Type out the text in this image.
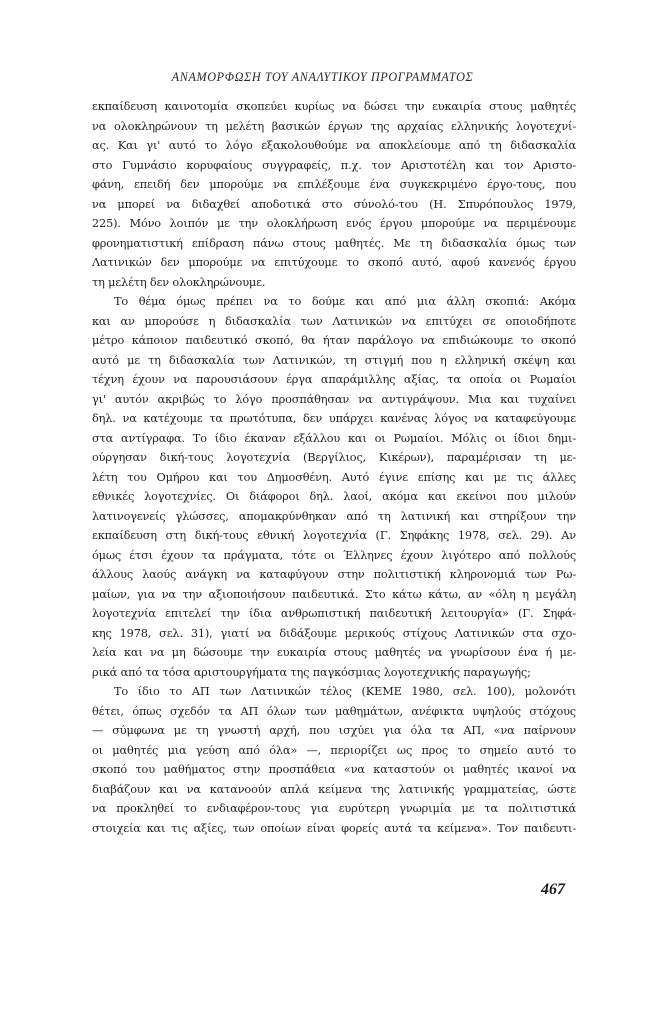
ΑΝΑΜΟΡΦΩΣΗ ΤΟΥ ΑΝΑΛΥΤΙΚΟΥ ΠΡΟΓΡΑΜΜΑΤΟΣ
εκπαίδευση καινοτομία σκοπεύει κυρίως να δώσει την ευκαιρία στους μαθητές
να ολοκληρώνουν τη μελέτη βασικών έργων της αρχαίας ελληνικής λογοτεχνί-
ας. Και γι' αυτό το λόγο εξακολουθούμε να αποκλείουμε από τη διδασκαλία
στο Γυμνάσιο κορυφαίους συγγραφείς, π.χ. τον Αριστοτέλη και τον Αριστο-
φάνη, επειδή δεν μπορούμε να επιλέξουμε ένα συγκεκριμένο έργο-τους, που
να μπορεί να διδαχθεί αποδοτικά στο σύνολό-του (Η. Σπυρόπουλος 1979,
225). Μόνο λοιπόν με την ολοκλήρωση ενός έργου μπορούμε να περιμένουμε
φρονηματιστική επίδραση πάνω στους μαθητές. Με τη διδασκαλία όμως των
Λατινικών δεν μπορούμε να επιτύχουμε το σκοπό αυτό, αφού κανενός έργου
τη μελέτη δεν ολοκληρώνουμε.
Το θέμα όμως πρέπει να το δούμε και από μια άλλη σκοπιά: Ακόμα
και αν μπορούσε η διδασκαλία των Λατινικών να επιτύχει σε οποιοδήποτε
μέτρο κάποιον παιδευτικό σκοπό, θα ήταν παράλογο να επιδιώκουμε το σκοπό
αυτό με τη διδασκαλία των Λατινικών, τη στιγμή που η ελληνική σκέψη και
τέχνη έχουν να παρουσιάσουν έργα απαράμιλλης αξίας, τα οποία οι Ρωμαίοι
γι' αυτόν ακριβώς το λόγο προσπάθησαν να αντιγράψουν. Μια και τυχαίνει
δηλ. να κατέχουμε τα πρωτότυπα, δεν υπάρχει κανένας λόγος να καταφεύγουμε
στα αντίγραφα. Το ίδιο έκαναν εξάλλου και οι Ρωμαίοι. Μόλις οι ίδιοι δημι-
ούργησαν δική-τους λογοτεχνία (Βεργίλιος, Κικέρων), παραμέρισαν τη με-
λέτη του Ομήρου και του Δημοσθένη. Αυτό έγινε επίσης και με τις άλλες
εθνικές λογοτεχνίες. Οι διάφοροι δηλ. λαοί, ακόμα και εκείνοι που μιλούν
λατινογενείς γλώσσες, απομακρύνθηκαν από τη λατινική και στηρίξουν την
εκπαίδευση στη δική-τους εθνική λογοτεχνία (Γ. Σηφάκης 1978, σελ. 29). Αν
όμως έτσι έχουν τα πράγματα, τότε οι Έλληνες έχουν λιγότερο από πολλούς
άλλους λαούς ανάγκη να καταφύγουν στην πολιτιστική κληρονομιά των Ρω-
μαίων, για να την αξιοποιήσουν παιδευτικά. Στο κάτω κάτω, αν «όλη η μεγάλη
λογοτεχνία επιτελεί την ίδια ανθρωπιστική παιδευτική λειτουργία» (Γ. Σηφά-
κης 1978, σελ. 31), γιατί να διδάξουμε μερικούς στίχους Λατινικών στα σχο-
λεία και να μη δώσουμε την ευκαιρία στους μαθητές να γνωρίσουν ένα ή με-
ρικά από τα τόσα αριστουργήματα της παγκόσμιας λογοτεχνικής παραγωγής;
Το ίδιο το ΑΠ των Λατινικών τέλος (ΚΕΜΕ 1980, σελ. 100), μολονότι
θέτει, όπως σχεδόν τα ΑΠ όλων των μαθημάτων, ανέφικτα υψηλούς στόχους
— σύμφωνα με τη γνωστή αρχή, που ισχύει για όλα τα ΑΠ, «να παίρνουν
οι μαθητές μια γεύση από όλα» —, περιορίζει ως προς το σημείο αυτό το
σκοπό του μαθήματος στην προσπάθεια «να καταστούν οι μαθητές ικανοί να
διαβάζουν και να κατανοούν απλά κείμενα της λατινικής γραμματείας, ώστε
να προκληθεί το ενδιαφέρον-τους για ευρύτερη γνωριμία με τα πολιτιστικά
στοιχεία και τις αξίες, των οποίων είναι φορείς αυτά τα κείμενα». Τον παιδευτι-
467
